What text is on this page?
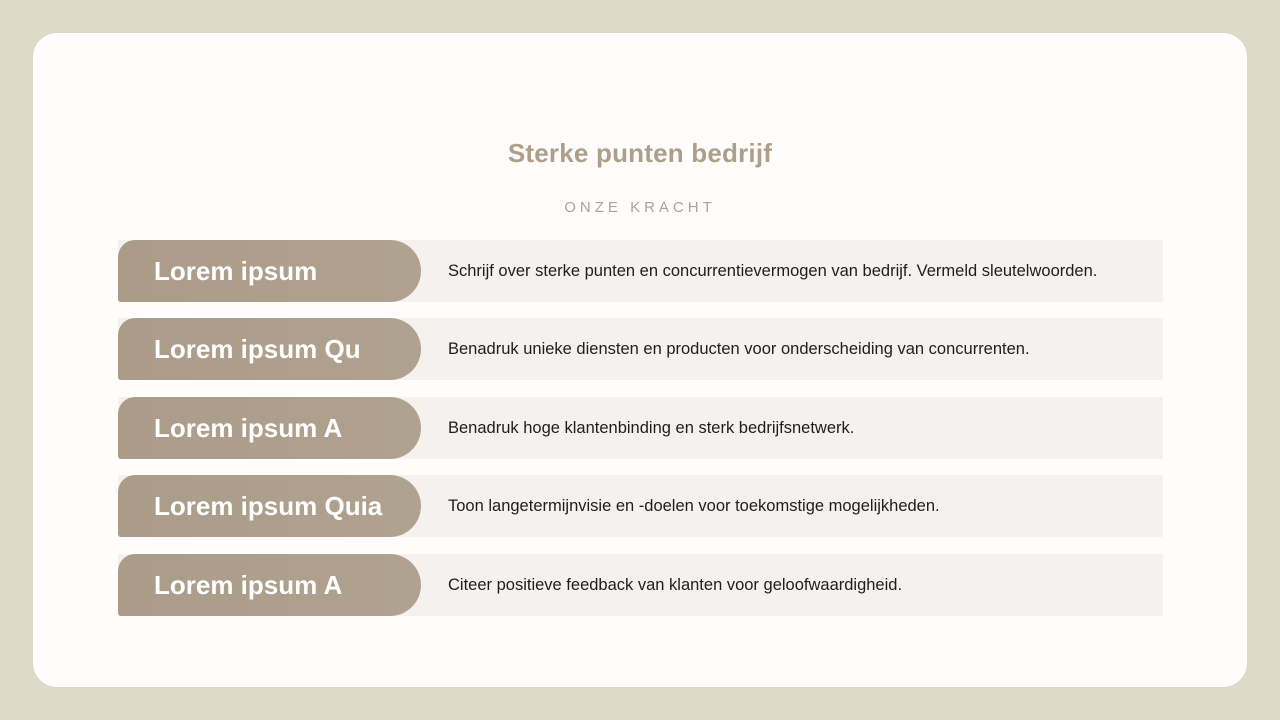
Sterke punten bedrijf

ONZE KRACHT

Lorem ipsum	Schrijf over sterke punten en concurrentievermogen van bedrijf. Vermeld sleutelwoorden.
Lorem ipsum Qu	Benadruk unieke diensten en producten voor onderscheiding van concurrenten.
Lorem ipsum A	Benadruk hoge klantenbinding en sterk bedrijfsnetwerk.
Lorem ipsum Quia	Toon langetermijnvisie en -doelen voor toekomstige mogelijkheden.
Lorem ipsum A	Citeer positieve feedback van klanten voor geloofwaardigheid.
